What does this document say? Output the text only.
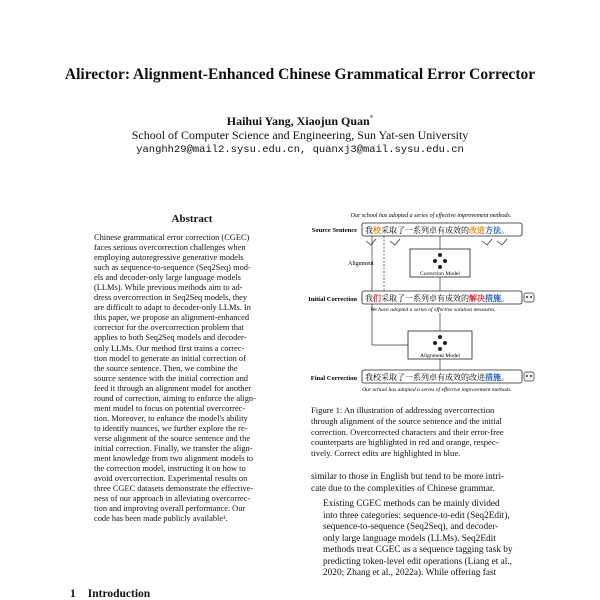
Alirector: Alignment-Enhanced Chinese Grammatical Error Corrector
Haihui Yang, Xiaojun Quan*
School of Computer Science and Engineering, Sun Yat-sen University
yanghh29@mail2.sysu.edu.cn, quanxj3@mail.sysu.edu.cn
Abstract
Chinese grammatical error correction (CGEC)
faces serious overcorrection challenges when
employing autoregressive generative models
such as sequence-to-sequence (Seq2Seq) mod-
els and decoder-only large language models
(LLMs). While previous methods aim to ad-
dress overcorrection in Seq2Seq models, they
are difficult to adapt to decoder-only LLMs. In
this paper, we propose an alignment-enhanced
corrector for the overcorrection problem that
applies to both Seq2Seq models and decoder-
only LLMs. Our method first trains a correc-
tion model to generate an initial correction of
the source sentence. Then, we combine the
source sentence with the initial correction and
feed it through an alignment model for another
round of correction, aiming to enforce the align-
ment model to focus on potential overcorrec-
tion. Moreover, to enhance the model's ability
to identify nuances, we further explore the re-
verse alignment of the source sentence and the
initial correction. Finally, we transfer the align-
ment knowledge from two alignment models to
the correction model, instructing it on how to
avoid overcorrection. Experimental results on
three CGEC datasets demonstrate the effective-
ness of our approach in alleviating overcorrec-
tion and improving overall performance. Our
code has been made publicly available¹.
1 Introduction
Our school has adopted a series of effective improvement methods.
Source Sentence 我校采取了一系列卓有成效的改进方法。
Alignment
Correction Model
Initial Correction 我们采取了一系列卓有成效的解决措施。
We have adopted a series of effective solution measures.
Alignment Model
Final Correction 我校采取了一系列卓有成效的改进措施。
Our school has adopted a series of effective improvement methods.
Figure 1: An illustration of addressing overcorrection
through alignment of the source sentence and the initial
correction. Overcorrected characters and their error-free
counterparts are highlighted in red and orange, respec-
tively. Correct edits are highlighted in blue.

similar to those in English but tend to be more intri-
cate due to the complexities of Chinese grammar.

Existing CGEC methods can be mainly divided
into three categories: sequence-to-edit (Seq2Edit),
sequence-to-sequence (Seq2Seq), and decoder-
only large language models (LLMs). Seq2Edit
methods treat CGEC as a sequence tagging task by
predicting token-level edit operations (Liang et al.,
2020; Zhang et al., 2022a). While offering fast
